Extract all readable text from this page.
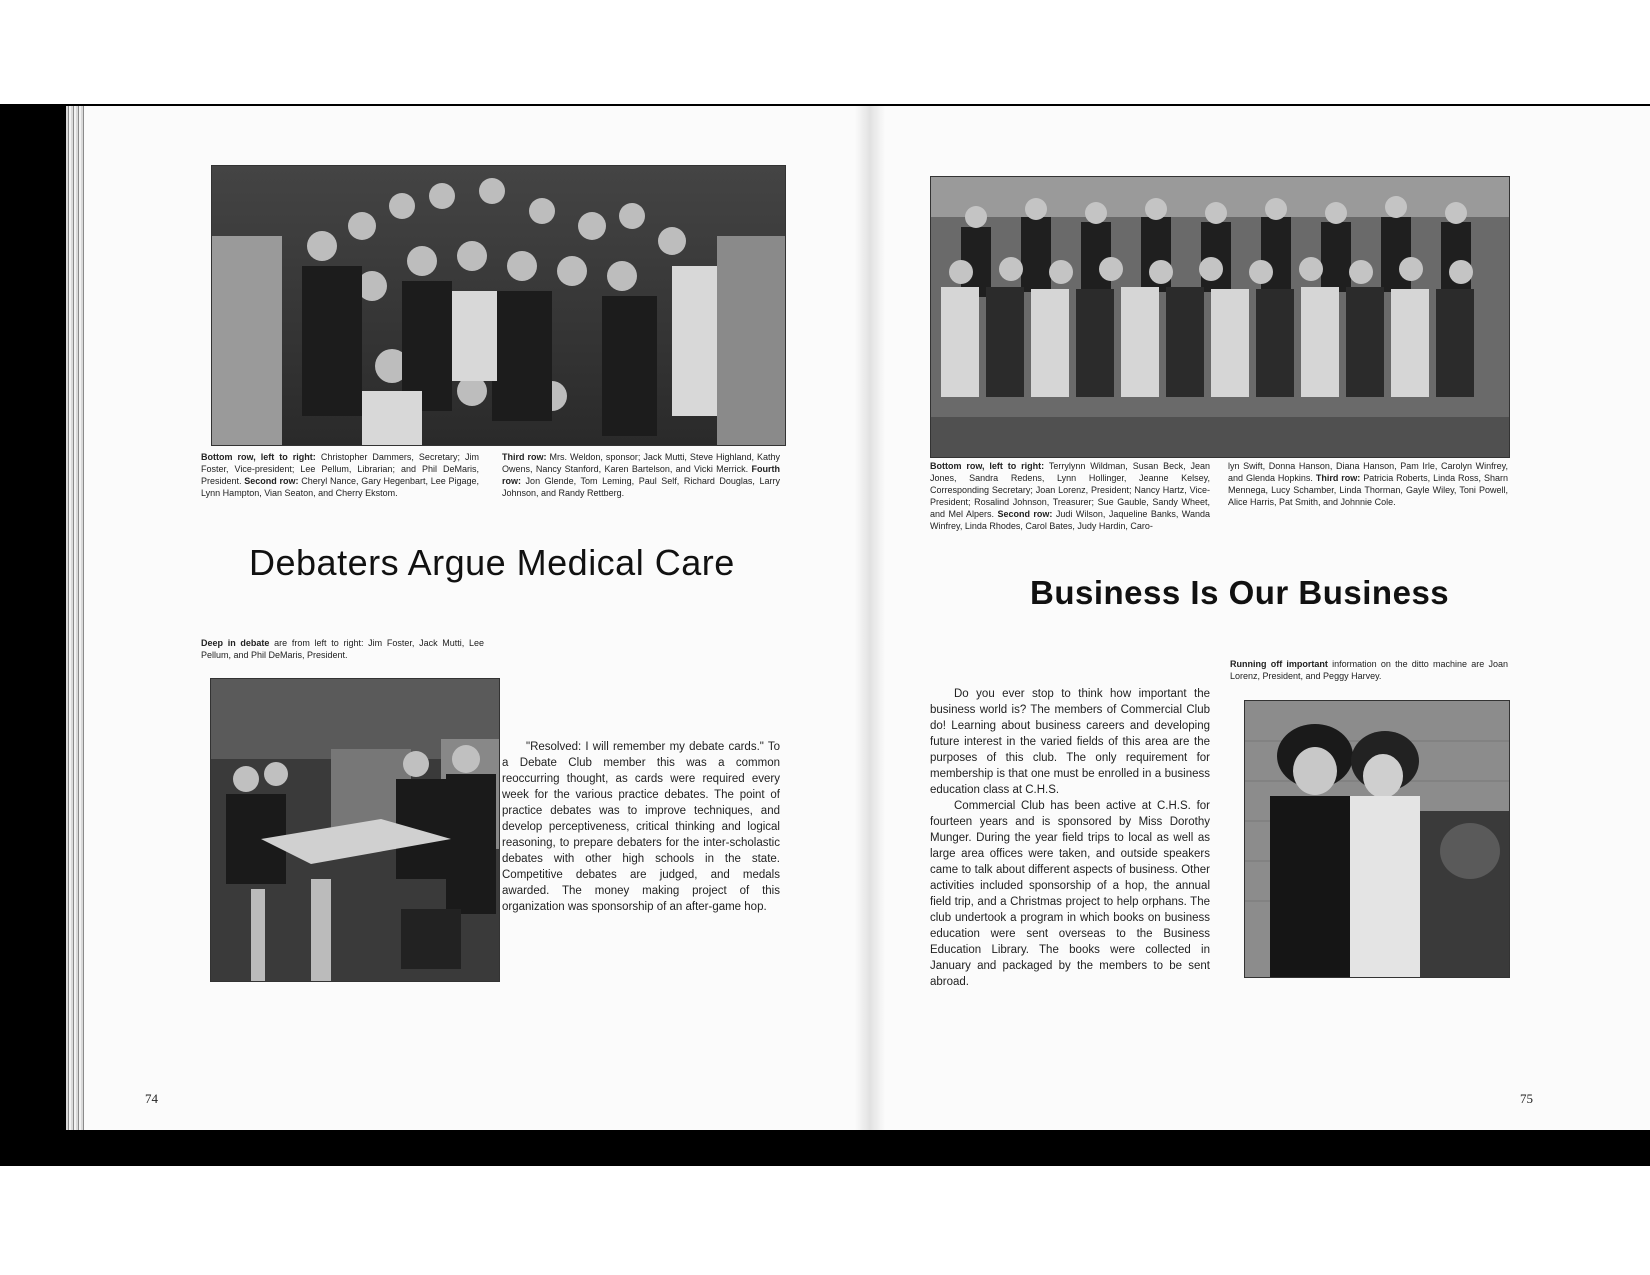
Bottom row, left to right: Christopher Dammers, Secretary; Jim Foster, Vice-president; Lee Pellum, Librarian; and Phil DeMaris, President. Second row: Cheryl Nance, Gary Hegenbart, Lee Pigage, Lynn Hampton, Vian Seaton, and Cherry Ekstom.
Third row: Mrs. Weldon, sponsor; Jack Mutti, Steve Highland, Kathy Owens, Nancy Stanford, Karen Bartelson, and Vicki Merrick. Fourth row: Jon Glende, Tom Leming, Paul Self, Richard Douglas, Larry Johnson, and Randy Rettberg.
Debaters Argue Medical Care
Deep in debate are from left to right: Jim Foster, Jack Mutti, Lee Pellum, and Phil DeMaris, President.

"Resolved: I will remember my debate cards." To a Debate Club member this was a common reoccurring thought, as cards were required every week for the various practice debates. The point of practice debates was to improve techniques, and develop perceptiveness, critical thinking and logical reasoning, to prepare debaters for the inter-scholastic debates with other high schools in the state. Competitive debates are judged, and medals awarded. The money making project of this organization was sponsorship of an after-game hop.

74
Bottom row, left to right: Terrylynn Wildman, Susan Beck, Jean Jones, Sandra Redens, Lynn Hollinger, Jeanne Kelsey, Corresponding Secretary; Joan Lorenz, President; Nancy Hartz, Vice-President; Rosalind Johnson, Treasurer; Sue Gauble, Sandy Wheet, and Mel Alpers. Second row: Judi Wilson, Jaqueline Banks, Wanda Winfrey, Linda Rhodes, Carol Bates, Judy Hardin, Caro-
lyn Swift, Donna Hanson, Diana Hanson, Pam Irle, Carolyn Winfrey, and Glenda Hopkins. Third row: Patricia Roberts, Linda Ross, Sharn Mennega, Lucy Schamber, Linda Thorman, Gayle Wiley, Toni Powell, Alice Harris, Pat Smith, and Johnnie Cole.
Business Is Our Business
Running off important information on the ditto machine are Joan Lorenz, President, and Peggy Harvey.

Do you ever stop to think how important the business world is? The members of Commercial Club do! Learning about business careers and developing future interest in the varied fields of this area are the purposes of this club. The only requirement for membership is that one must be enrolled in a business education class at C.H.S.

Commercial Club has been active at C.H.S. for fourteen years and is sponsored by Miss Dorothy Munger. During the year field trips to local as well as large area offices were taken, and outside speakers came to talk about different aspects of business. Other activities included sponsorship of a hop, the annual field trip, and a Christmas project to help orphans. The club undertook a program in which books on business education were sent overseas to the Business Education Library. The books were collected in January and packaged by the members to be sent abroad.

75
